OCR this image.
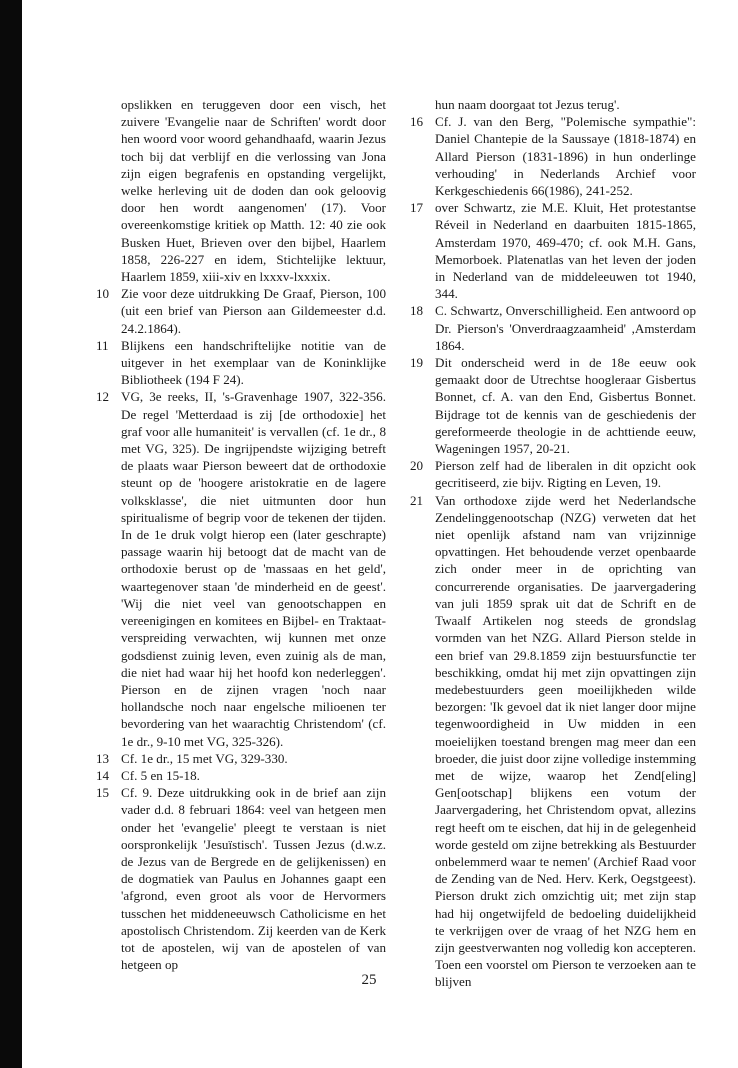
opslikken en teruggeven door een visch, het zuivere 'Evangelie naar de Schriften' wordt door hen woord voor woord gehandhaafd, waarin Jezus toch bij dat verblijf en die verlossing van Jona zijn eigen begrafenis en opstanding vergelijkt, welke herleving uit de doden dan ook geloovig door hen wordt aangenomen' (17). Voor overeenkomstige kritiek op Matth. 12: 40 zie ook Busken Huet, Brieven over den bijbel, Haarlem 1858, 226-227 en idem, Stichtelijke lektuur, Haarlem 1859, xiii-xiv en lxxxv-lxxxix.

10 Zie voor deze uitdrukking De Graaf, Pierson, 100 (uit een brief van Pierson aan Gildemeester d.d. 24.2.1864).

11 Blijkens een handschriftelijke notitie van de uitgever in het exemplaar van de Koninklijke Bibliotheek (194 F 24).

12 VG, 3e reeks, II, 's-Gravenhage 1907, 322-356. De regel 'Metterdaad is zij [de orthodoxie] het graf voor alle humaniteit' is vervallen (cf. 1e dr., 8 met VG, 325). De ingrijpendste wijziging betreft de plaats waar Pierson beweert dat de orthodoxie steunt op de 'hoogere aristokratie en de lagere volksklasse', die niet uitmunten door hun spiritualisme of begrip voor de tekenen der tijden. In de 1e druk volgt hierop een (later geschrapte) passage waarin hij betoogt dat de macht van de orthodoxie berust op de 'massaas en het geld', waartegenover staan 'de minderheid en de geest'. 'Wij die niet veel van genootschappen en vereenigingen en komitees en Bijbel- en Traktaat-verspreiding verwachten, wij kunnen met onze godsdienst zuinig leven, even zuinig als de man, die niet had waar hij het hoofd kon nederleggen'. Pierson en de zijnen vragen 'noch naar hollandsche noch naar engelsche milioenen ter bevordering van het waarachtig Christendom' (cf. 1e dr., 9-10 met VG, 325-326).

13 Cf. 1e dr., 15 met VG, 329-330.

14 Cf. 5 en 15-18.

15 Cf. 9. Deze uitdrukking ook in de brief aan zijn vader d.d. 8 februari 1864: veel van hetgeen men onder het 'evangelie' pleegt te verstaan is niet oorspronkelijk 'Jesuïstisch'. Tussen Jezus (d.w.z. de Jezus van de Bergrede en de gelijkenissen) en de dogmatiek van Paulus en Johannes gaapt een 'afgrond, even groot als voor de Hervormers tusschen het middeneeuwsch Catholicisme en het apostolisch Christendom. Zij keerden van de Kerk tot de apostelen, wij van de apostelen of van hetgeen op

hun naam doorgaat tot Jezus terug'.

16 Cf. J. van den Berg, "Polemische sympathie": Daniel Chantepie de la Saussaye (1818-1874) en Allard Pierson (1831-1896) in hun onderlinge verhouding' in Nederlands Archief voor Kerkgeschiedenis 66(1986), 241-252.

17 over Schwartz, zie M.E. Kluit, Het protestantse Réveil in Nederland en daarbuiten 1815-1865, Amsterdam 1970, 469-470; cf. ook M.H. Gans, Memorboek. Platenatlas van het leven der joden in Nederland van de middeleeuwen tot 1940, 344.

18 C. Schwartz, Onverschilligheid. Een antwoord op Dr. Pierson's 'Onverdraagzaamheid' ,Amsterdam 1864.

19 Dit onderscheid werd in de 18e eeuw ook gemaakt door de Utrechtse hoogleraar Gisbertus Bonnet, cf. A. van den End, Gisbertus Bonnet. Bijdrage tot de kennis van de geschiedenis der gereformeerde theologie in de achttiende eeuw, Wageningen 1957, 20-21.

20 Pierson zelf had de liberalen in dit opzicht ook gecritiseerd, zie bijv. Rigting en Leven, 19.

21 Van orthodoxe zijde werd het Nederlandsche Zendelinggenootschap (NZG) verweten dat het niet openlijk afstand nam van vrijzinnige opvattingen. Het behoudende verzet openbaarde zich onder meer in de oprichting van concurrerende organisaties. De jaarvergadering van juli 1859 sprak uit dat de Schrift en de Twaalf Artikelen nog steeds de grondslag vormden van het NZG. Allard Pierson stelde in een brief van 29.8.1859 zijn bestuursfunctie ter beschikking, omdat hij met zijn opvattingen zijn medebestuurders geen moeilijkheden wilde bezorgen: 'Ik gevoel dat ik niet langer door mijne tegenwoordigheid in Uw midden in een moeielijken toestand brengen mag meer dan een broeder, die juist door zijne volledige instemming met de wijze, waarop het Zend[eling] Gen[ootschap] blijkens een votum der Jaarvergadering, het Christendom opvat, allezins regt heeft om te eischen, dat hij in de gelegenheid worde gesteld om zijne betrekking als Bestuurder onbelemmerd waar te nemen' (Archief Raad voor de Zending van de Ned. Herv. Kerk, Oegstgeest). Pierson drukt zich omzichtig uit; met zijn stap had hij ongetwijfeld de bedoeling duidelijkheid te verkrijgen over de vraag of het NZG hem en zijn geestverwanten nog volledig kon accepteren. Toen een voorstel om Pierson te verzoeken aan te blijven

25
